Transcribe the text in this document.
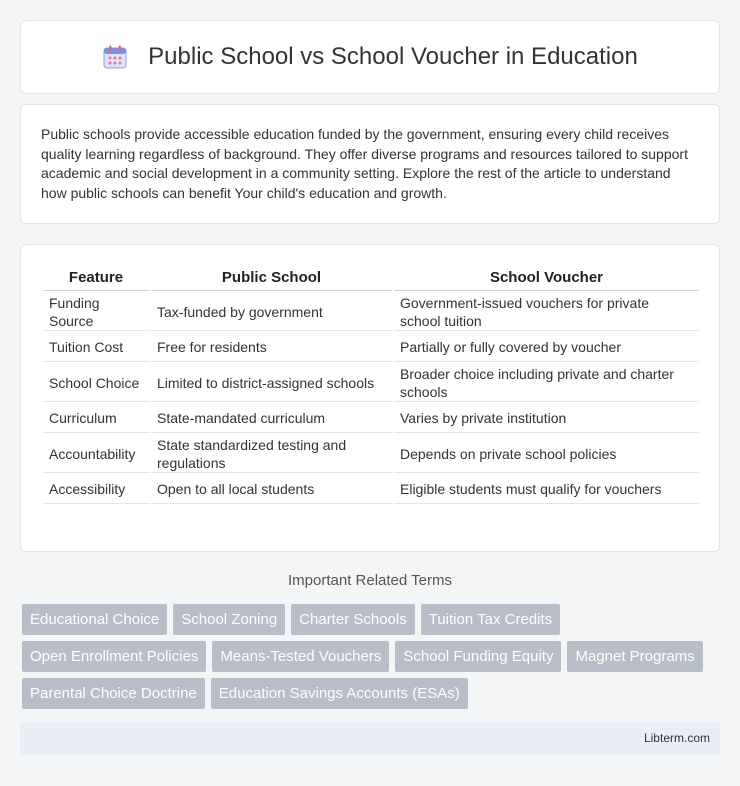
Public School vs School Voucher in Education

Public schools provide accessible education funded by the government, ensuring every child receives quality learning regardless of background. They offer diverse programs and resources tailored to support academic and social development in a community setting. Explore the rest of the article to understand how public schools can benefit Your child's education and growth.

Feature	Public School	School Voucher
Funding Source	Tax-funded by government	Government-issued vouchers for private school tuition
Tuition Cost	Free for residents	Partially or fully covered by voucher
School Choice	Limited to district-assigned schools	Broader choice including private and charter schools
Curriculum	State-mandated curriculum	Varies by private institution
Accountability	State standardized testing and regulations	Depends on private school policies
Accessibility	Open to all local students	Eligible students must qualify for vouchers
Important Related Terms
Educational Choice	School Zoning	Charter Schools	Tuition Tax Credits
Open Enrollment Policies	Means-Tested Vouchers	School Funding Equity	Magnet Programs
Parental Choice Doctrine	Education Savings Accounts (ESAs)
Libterm.com
